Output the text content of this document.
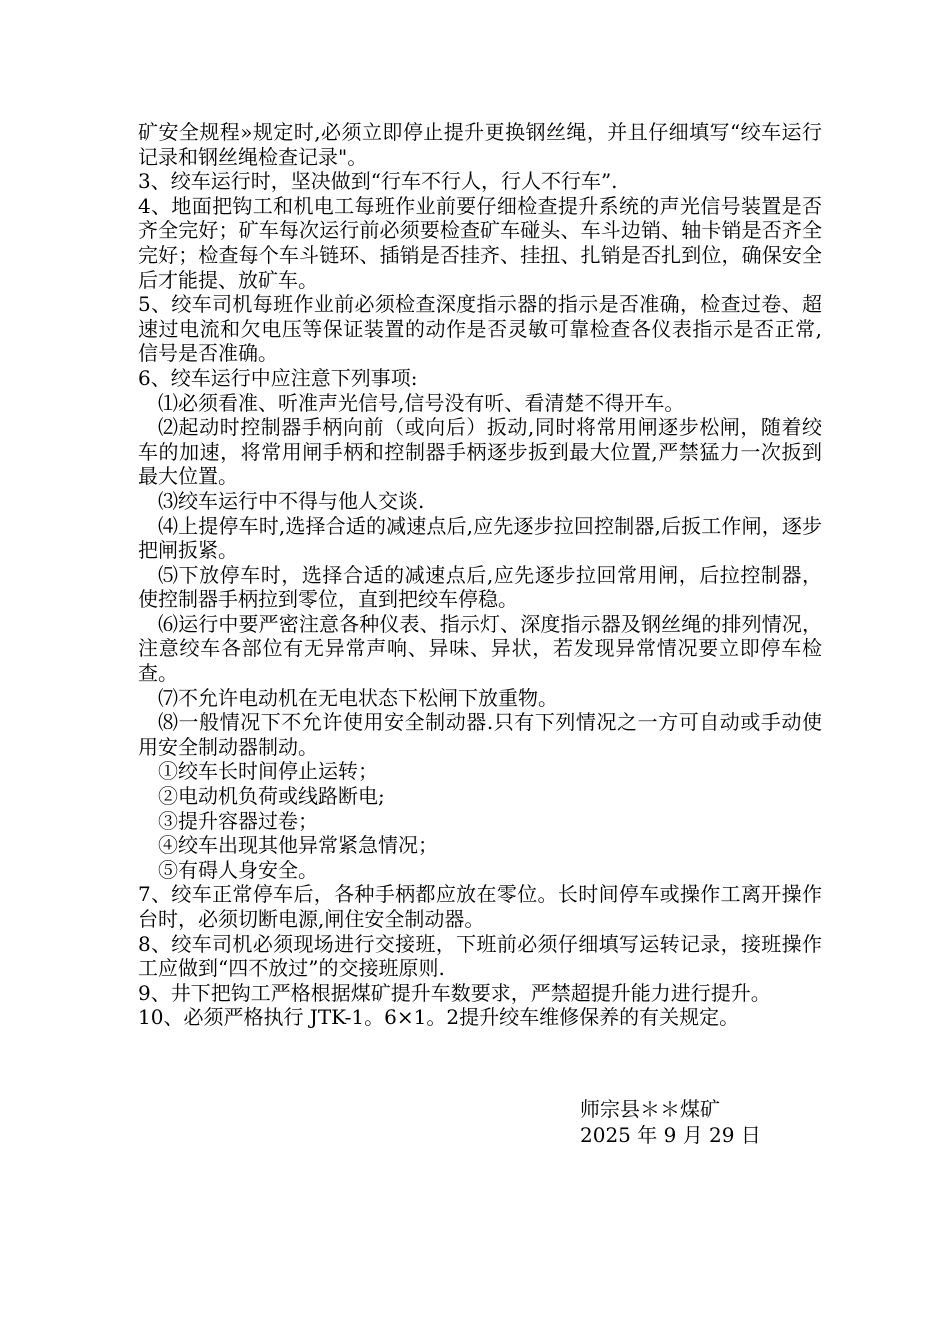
矿安全规程»规定时,必须立即停止提升更换钢丝绳，并且仔细填写“绞车运行记录和钢丝绳检查记录"。

3、绞车运行时，坚决做到“行车不行人，行人不行车”.

4、地面把钩工和机电工每班作业前要仔细检查提升系统的声光信号装置是否齐全完好；矿车每次运行前必须要检查矿车碰头、车斗边销、轴卡销是否齐全完好；检查每个车斗链环、插销是否挂齐、挂扭、扎销是否扎到位，确保安全后才能提、放矿车。

5、绞车司机每班作业前必须检查深度指示器的指示是否准确，检查过卷、超速过电流和欠电压等保证装置的动作是否灵敏可靠检查各仪表指示是否正常,信号是否准确。

6、绞车运行中应注意下列事项:

⑴必须看准、听准声光信号,信号没有听、看清楚不得开车。

⑵起动时控制器手柄向前（或向后）扳动,同时将常用闸逐步松闸，随着绞车的加速，将常用闸手柄和控制器手柄逐步扳到最大位置,严禁猛力一次扳到最大位置。

⑶绞车运行中不得与他人交谈.

⑷上提停车时,选择合适的减速点后,应先逐步拉回控制器,后扳工作闸，逐步把闸扳紧。

⑸下放停车时，选择合适的减速点后,应先逐步拉回常用闸，后拉控制器，使控制器手柄拉到零位，直到把绞车停稳。

⑹运行中要严密注意各种仪表、指示灯、深度指示器及钢丝绳的排列情况，注意绞车各部位有无异常声响、异味、异状，若发现异常情况要立即停车检查。

⑺不允许电动机在无电状态下松闸下放重物。

⑻一般情况下不允许使用安全制动器.只有下列情况之一方可自动或手动使用安全制动器制动。

①绞车长时间停止运转；

②电动机负荷或线路断电;

③提升容器过卷；

④绞车出现其他异常紧急情况；

⑤有碍人身安全。

7、绞车正常停车后，各种手柄都应放在零位。长时间停车或操作工离开操作台时，必须切断电源,闸住安全制动器。

8、绞车司机必须现场进行交接班，下班前必须仔细填写运转记录，接班操作工应做到“四不放过”的交接班原则.

9、井下把钩工严格根据煤矿提升车数要求，严禁超提升能力进行提升。

10、必须严格执行 JTK-1。6×1。2提升绞车维修保养的有关规定。

师宗县＊＊煤矿

2025 年 9 月 29 日
